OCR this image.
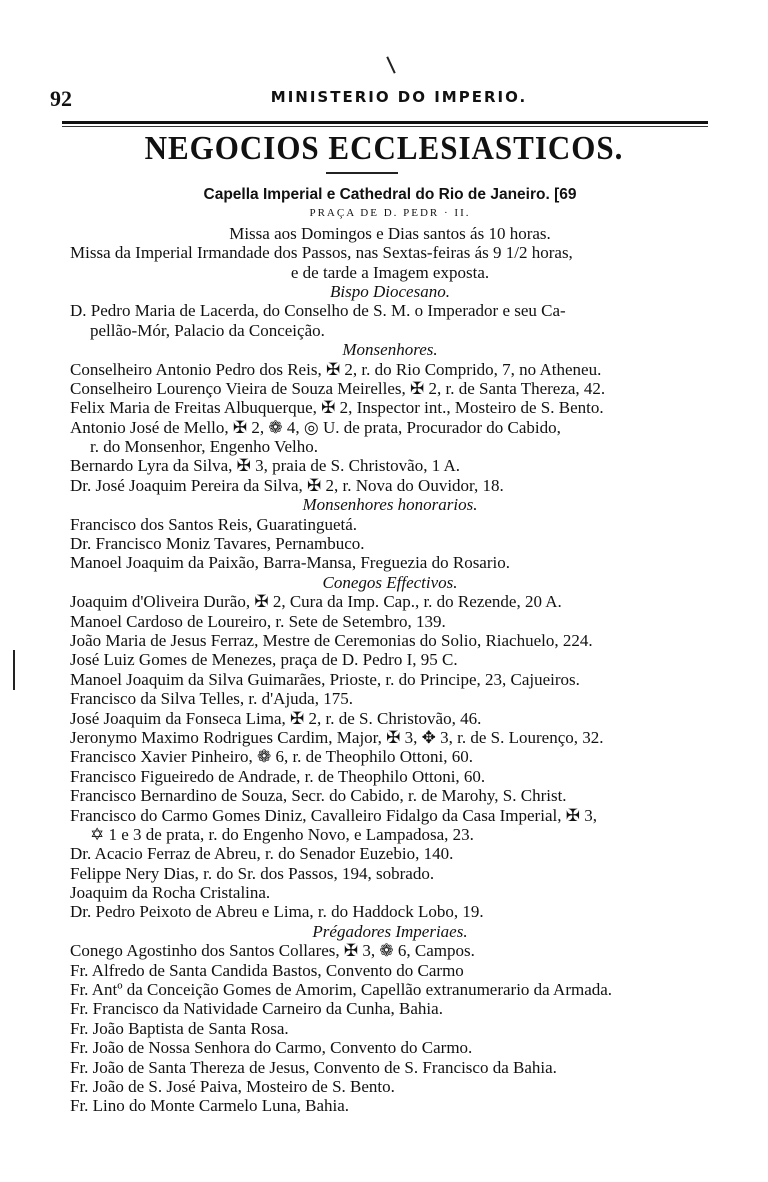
92	MINISTERIO DO IMPERIO.
NEGOCIOS ECCLESIASTICOS.
Capella Imperial e Cathedral do Rio de Janeiro. [69
PRAÇA DE D. PEDR · II.
Missa aos Domingos e Dias santos ás 10 horas.
Missa da Imperial Irmandade dos Passos, nas Sextas-feiras ás 9 1/2 horas,
e de tarde a Imagem exposta.
Bispo Diocesano.
D. Pedro Maria de Lacerda, do Conselho de S. M. o Imperador e seu Ca-
pellão-Mór, Palacio da Conceição.
Monsenhores.
Conselheiro Antonio Pedro dos Reis, ✠ 2, r. do Rio Comprido, 7, no Atheneu.
Conselheiro Lourenço Vieira de Souza Meirelles, ✠ 2, r. de Santa Thereza, 42.
Felix Maria de Freitas Albuquerque, ✠ 2, Inspector int., Mosteiro de S. Bento.
Antonio José de Mello, ✠ 2, ❁ 4, ◎ U. de prata, Procurador do Cabido,
r. do Monsenhor, Engenho Velho.
Bernardo Lyra da Silva, ✠ 3, praia de S. Christovão, 1 A.
Dr. José Joaquim Pereira da Silva, ✠ 2, r. Nova do Ouvidor, 18.
Monsenhores honorarios.
Francisco dos Santos Reis, Guaratinguetá.
Dr. Francisco Moniz Tavares, Pernambuco.
Manoel Joaquim da Paixão, Barra-Mansa, Freguezia do Rosario.
Conegos Effectivos.
Joaquim d'Oliveira Durão, ✠ 2, Cura da Imp. Cap., r. do Rezende, 20 A.
Manoel Cardoso de Loureiro, r. Sete de Setembro, 139.
João Maria de Jesus Ferraz, Mestre de Ceremonias do Solio, Riachuelo, 224.
José Luiz Gomes de Menezes, praça de D. Pedro I, 95 C.
Manoel Joaquim da Silva Guimarães, Prioste, r. do Principe, 23, Cajueiros.
Francisco da Silva Telles, r. d'Ajuda, 175.
José Joaquim da Fonseca Lima, ✠ 2, r. de S. Christovão, 46.
Jeronymo Maximo Rodrigues Cardim, Major, ✠ 3, ✥ 3, r. de S. Lourenço, 32.
Francisco Xavier Pinheiro, ❁ 6, r. de Theophilo Ottoni, 60.
Francisco Figueiredo de Andrade, r. de Theophilo Ottoni, 60.
Francisco Bernardino de Souza, Secr. do Cabido, r. de Marohy, S. Christ.
Francisco do Carmo Gomes Diniz, Cavalleiro Fidalgo da Casa Imperial, ✠ 3,
✡ 1 e 3 de prata, r. do Engenho Novo, e Lampadosa, 23.
Dr. Acacio Ferraz de Abreu, r. do Senador Euzebio, 140.
Felippe Nery Dias, r. do Sr. dos Passos, 194, sobrado.
Joaquim da Rocha Cristalina.
Dr. Pedro Peixoto de Abreu e Lima, r. do Haddock Lobo, 19.
Prégadores Imperiaes.
Conego Agostinho dos Santos Collares, ✠ 3, ❁ 6, Campos.
Fr. Alfredo de Santa Candida Bastos, Convento do Carmo
Fr. Antº da Conceição Gomes de Amorim, Capellão extranumerario da Armada.
Fr. Francisco da Natividade Carneiro da Cunha, Bahia.
Fr. João Baptista de Santa Rosa.
Fr. João de Nossa Senhora do Carmo, Convento do Carmo.
Fr. João de Santa Thereza de Jesus, Convento de S. Francisco da Bahia.
Fr. João de S. José Paiva, Mosteiro de S. Bento.
Fr. Lino do Monte Carmelo Luna, Bahia.
